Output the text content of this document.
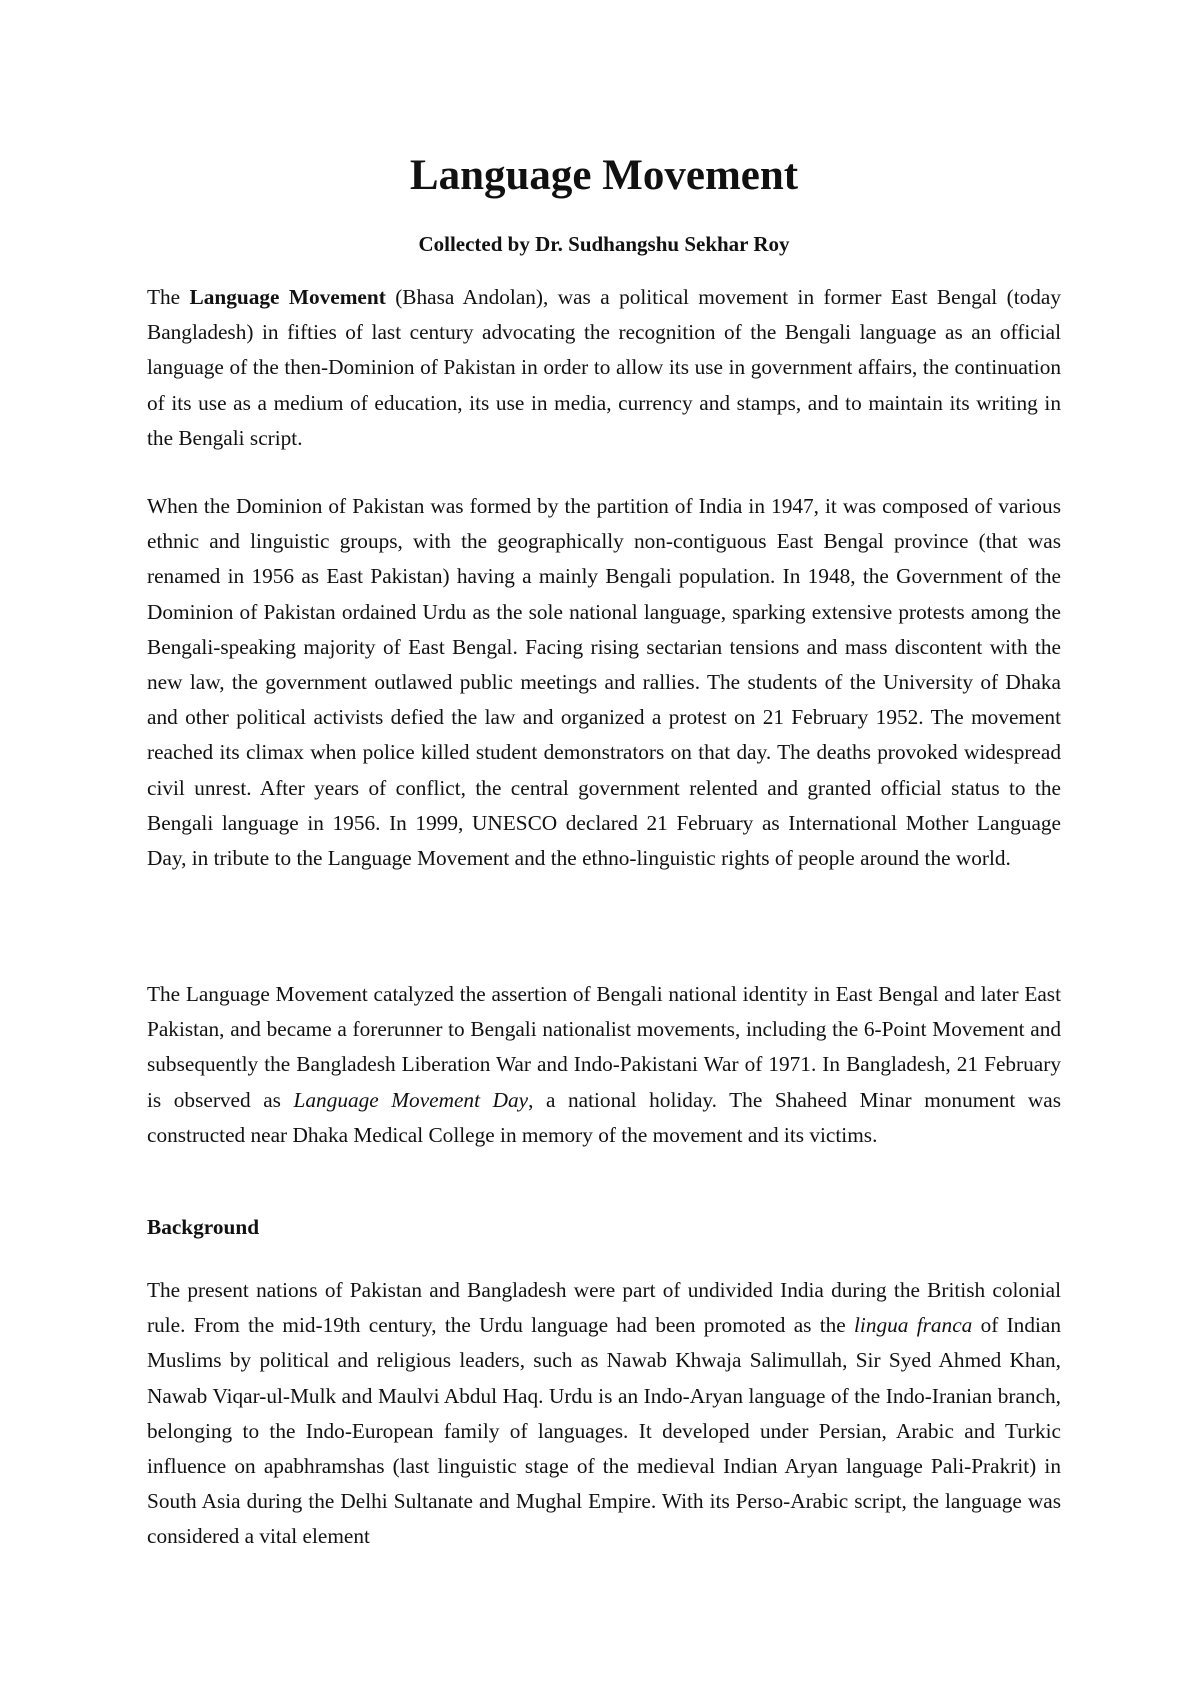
Language Movement

Collected by Dr. Sudhangshu Sekhar Roy

The Language Movement (Bhasa Andolan), was a political movement in former East Bengal (today Bangladesh) in fifties of last century advocating the recognition of the Bengali language as an official language of the then-Dominion of Pakistan in order to allow its use in government affairs, the continuation of its use as a medium of education, its use in media, currency and stamps, and to maintain its writing in the Bengali script.

When the Dominion of Pakistan was formed by the partition of India in 1947, it was composed of various ethnic and linguistic groups, with the geographically non-contiguous East Bengal province (that was renamed in 1956 as East Pakistan) having a mainly Bengali population. In 1948, the Government of the Dominion of Pakistan ordained Urdu as the sole national language, sparking extensive protests among the Bengali-speaking majority of East Bengal. Facing rising sectarian tensions and mass discontent with the new law, the government outlawed public meetings and rallies. The students of the University of Dhaka and other political activists defied the law and organized a protest on 21 February 1952. The movement reached its climax when police killed student demonstrators on that day. The deaths provoked widespread civil unrest. After years of conflict, the central government relented and granted official status to the Bengali language in 1956. In 1999, UNESCO declared 21 February as International Mother Language Day, in tribute to the Language Movement and the ethno-linguistic rights of people around the world.

The Language Movement catalyzed the assertion of Bengali national identity in East Bengal and later East Pakistan, and became a forerunner to Bengali nationalist movements, including the 6-Point Movement and subsequently the Bangladesh Liberation War and Indo-Pakistani War of 1971. In Bangladesh, 21 February is observed as Language Movement Day, a national holiday. The Shaheed Minar monument was constructed near Dhaka Medical College in memory of the movement and its victims.

Background

The present nations of Pakistan and Bangladesh were part of undivided India during the British colonial rule. From the mid-19th century, the Urdu language had been promoted as the lingua franca of Indian Muslims by political and religious leaders, such as Nawab Khwaja Salimullah, Sir Syed Ahmed Khan, Nawab Viqar-ul-Mulk and Maulvi Abdul Haq. Urdu is an Indo-Aryan language of the Indo-Iranian branch, belonging to the Indo-European family of languages. It developed under Persian, Arabic and Turkic influence on apabhramshas (last linguistic stage of the medieval Indian Aryan language Pali-Prakrit) in South Asia during the Delhi Sultanate and Mughal Empire. With its Perso-Arabic script, the language was considered a vital element
